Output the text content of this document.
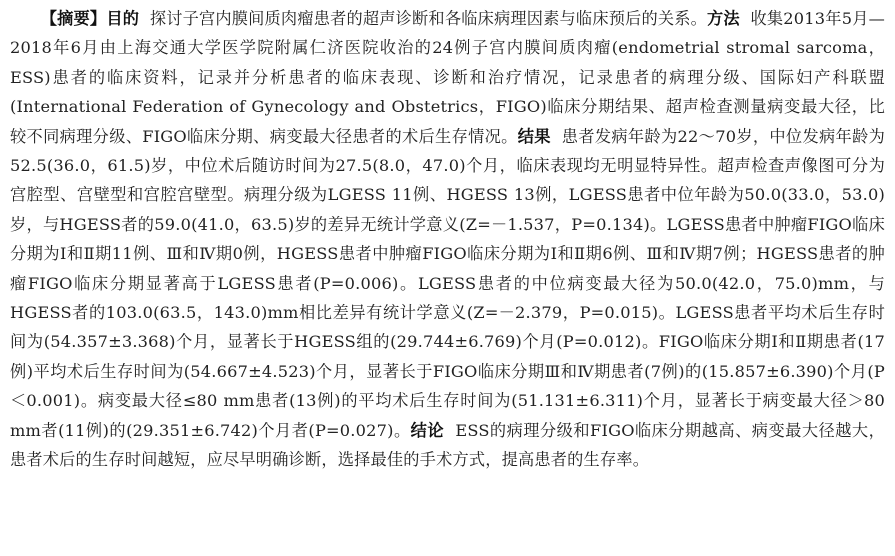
【摘要】目的 探讨子宫内膜间质肉瘤患者的超声诊断和各临床病理因素与临床预后的关系。方法 收集2013年5月—2018年6月由上海交通大学医学院附属仁济医院收治的24例子宫内膜间质肉瘤(endometrial stromal sarcoma，ESS)患者的临床资料，记录并分析患者的临床表现、诊断和治疗情况，记录患者的病理分级、国际妇产科联盟(International Federation of Gynecology and Obstetrics，FIGO)临床分期结果、超声检查测量病变最大径，比较不同病理分级、FIGO临床分期、病变最大径患者的术后生存情况。结果 患者发病年龄为22～70岁，中位发病年龄为52.5(36.0，61.5)岁，中位术后随访时间为27.5(8.0，47.0)个月，临床表现均无明显特异性。超声检查声像图可分为宫腔型、宫壁型和宫腔宫壁型。病理分级为LGESS 11例、HGESS 13例，LGESS患者中位年龄为50.0(33.0，53.0)岁，与HGESS者的59.0(41.0，63.5)岁的差异无统计学意义(Z=－1.537，P=0.134)。LGESS患者中肿瘤FIGO临床分期为Ⅰ和Ⅱ期11例、Ⅲ和Ⅳ期0例，HGESS患者中肿瘤FIGO临床分期为Ⅰ和Ⅱ期6例、Ⅲ和Ⅳ期7例；HGESS患者的肿瘤FIGO临床分期显著高于LGESS患者(P=0.006)。LGESS患者的中位病变最大径为50.0(42.0，75.0)mm，与HGESS者的103.0(63.5，143.0)mm相比差异有统计学意义(Z=－2.379，P=0.015)。LGESS患者平均术后生存时间为(54.357±3.368)个月，显著长于HGESS组的(29.744±6.769)个月(P=0.012)。FIGO临床分期Ⅰ和Ⅱ期患者(17例)平均术后生存时间为(54.667±4.523)个月，显著长于FIGO临床分期Ⅲ和Ⅳ期患者(7例)的(15.857±6.390)个月(P＜0.001)。病变最大径≤80 mm患者(13例)的平均术后生存时间为(51.131±6.311)个月，显著长于病变最大径＞80 mm者(11例)的(29.351±6.742)个月者(P=0.027)。结论 ESS的病理分级和FIGO临床分期越高、病变最大径越大，患者术后的生存时间越短，应尽早明确诊断，选择最佳的手术方式，提高患者的生存率。
